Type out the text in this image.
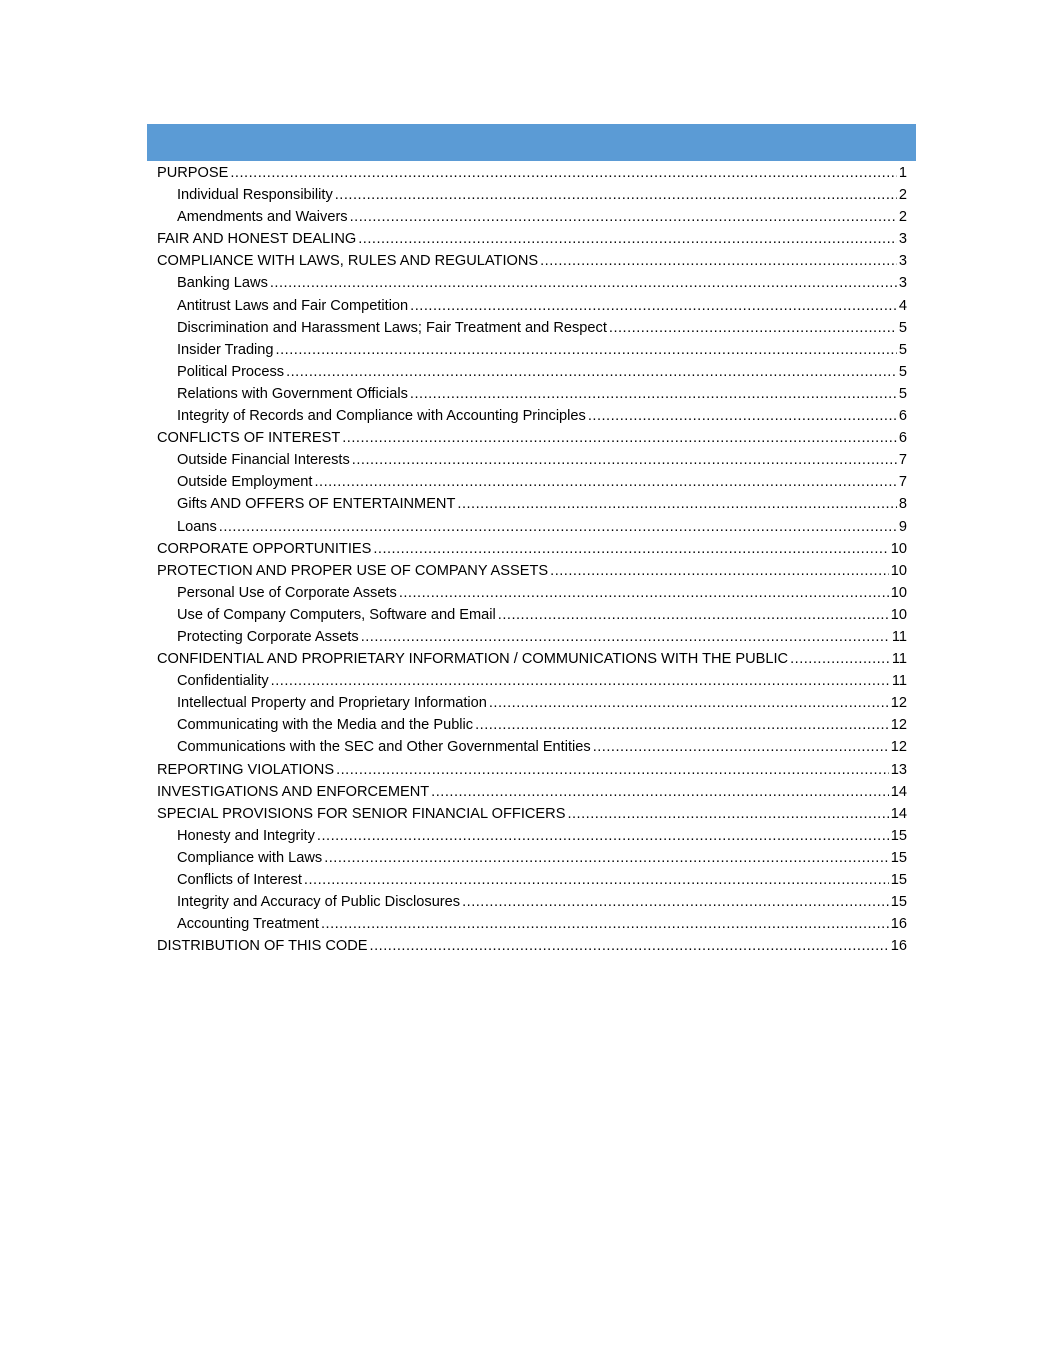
PURPOSE .....	1
Individual Responsibility .....	2
Amendments and Waivers .....	2
FAIR AND HONEST DEALING .....	3
COMPLIANCE WITH LAWS, RULES AND REGULATIONS .....	3
Banking Laws .....	3
Antitrust Laws and Fair Competition .....	4
Discrimination and Harassment Laws; Fair Treatment and Respect .....	5
Insider Trading .....	5
Political Process .....	5
Relations with Government Officials .....	5
Integrity of Records and Compliance with Accounting Principles .....	6
CONFLICTS OF INTEREST .....	6
Outside Financial Interests .....	7
Outside Employment .....	7
Gifts AND OFFERS OF ENTERTAINMENT .....	8
Loans .....	9
CORPORATE OPPORTUNITIES .....	10
PROTECTION AND PROPER USE OF COMPANY ASSETS .....	10
Personal Use of Corporate Assets .....	10
Use of Company Computers, Software and Email .....	10
Protecting Corporate Assets .....	11
CONFIDENTIAL AND PROPRIETARY INFORMATION / COMMUNICATIONS WITH THE PUBLIC .....	11
Confidentiality .....	11
Intellectual Property and Proprietary Information .....	12
Communicating with the Media and the Public .....	12
Communications with the SEC and Other Governmental Entities .....	12
REPORTING VIOLATIONS .....	13
INVESTIGATIONS AND ENFORCEMENT .....	14
SPECIAL PROVISIONS FOR SENIOR FINANCIAL OFFICERS .....	14
Honesty and Integrity .....	15
Compliance with Laws .....	15
Conflicts of Interest .....	15
Integrity and Accuracy of Public Disclosures .....	15
Accounting Treatment .....	16
DISTRIBUTION OF THIS CODE .....	16
